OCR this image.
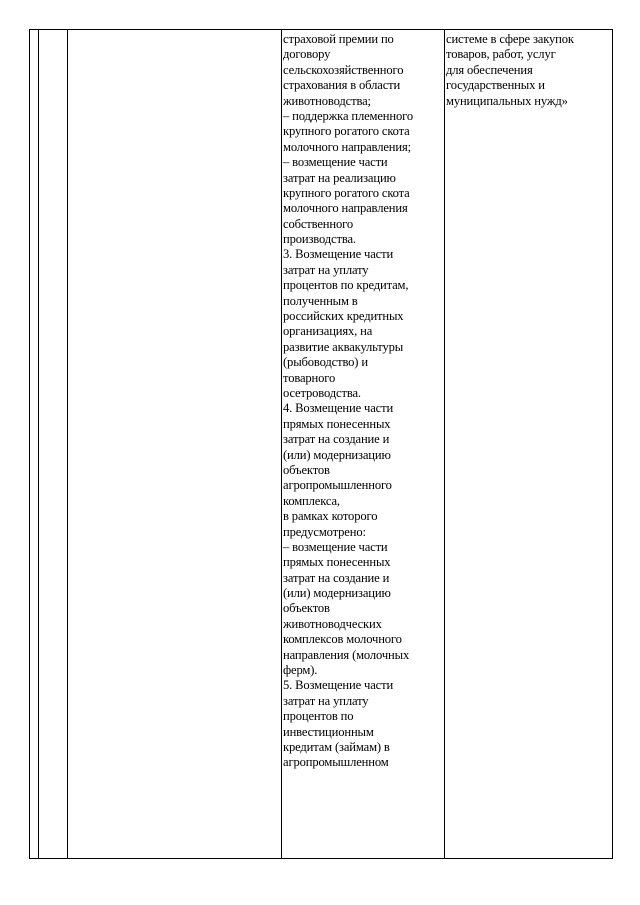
страховой премии по
договору
сельскохозяйственного
страхования в области
животноводства;
– поддержка племенного
крупного рогатого скота
молочного направления;
– возмещение части
затрат на реализацию
крупного рогатого скота
молочного направления
собственного
производства.
3. Возмещение части
затрат на уплату
процентов по кредитам,
полученным в
российских кредитных
организациях, на
развитие аквакультуры
(рыбоводство) и
товарного
осетроводства.
4. Возмещение части
прямых понесенных
затрат на создание и
(или) модернизацию
объектов
агропромышленного
комплекса,
в рамках которого
предусмотрено:
– возмещение части
прямых понесенных
затрат на создание и
(или) модернизацию
объектов
животноводческих
комплексов молочного
направления (молочных
ферм).
5. Возмещение части
затрат на уплату
процентов по
инвестиционным
кредитам (займам) в
агропромышленном
системе в сфере закупок
товаров, работ, услуг
для обеспечения
государственных и
муниципальных нужд»
